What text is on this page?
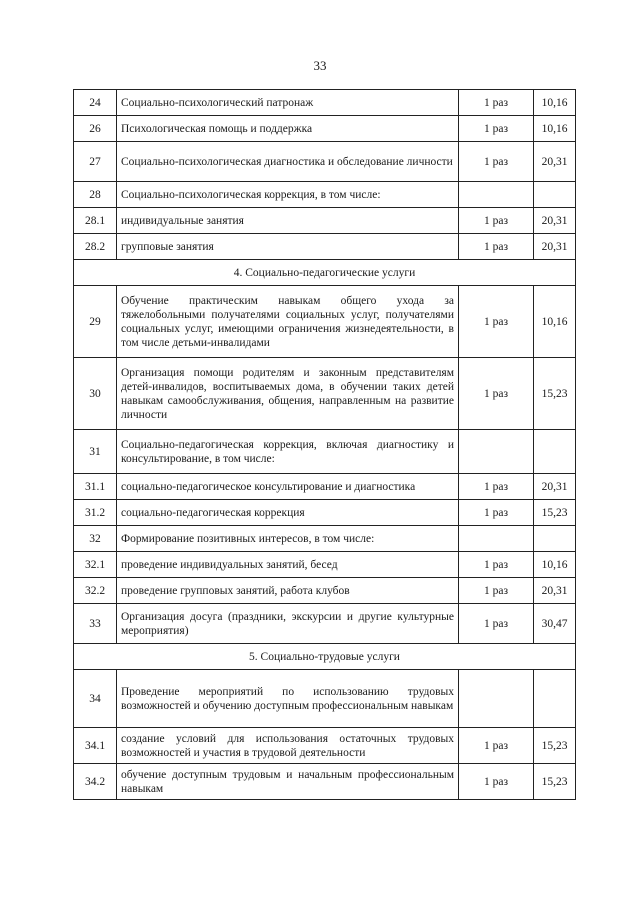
33
24	Социально-психологический патронаж	1 раз	10,16
26	Психологическая помощь и поддержка	1 раз	10,16
27	Социально-психологическая диагностика и обследование личности	1 раз	20,31
28	Социально-психологическая коррекция, в том числе:		
28.1	индивидуальные занятия	1 раз	20,31
28.2	групповые занятия	1 раз	20,31
4. Социально-педагогические услуги			
29	Обучение практическим навыкам общего ухода за тяжелобольными получателями социальных услуг, получателями социальных услуг, имеющими ограничения жизнедеятельности, в том числе детьми-инвалидами	1 раз	10,16
30	Организация помощи родителям и законным представителям детей-инвалидов, воспитываемых дома, в обучении таких детей навыкам самообслуживания, общения, направленным на развитие личности	1 раз	15,23
31	Социально-педагогическая коррекция, включая диагностику и консультирование, в том числе:		
31.1	социально-педагогическое консультирование и диагностика	1 раз	20,31
31.2	социально-педагогическая коррекция	1 раз	15,23
32	Формирование позитивных интересов, в том числе:		
32.1	проведение индивидуальных занятий, бесед	1 раз	10,16
32.2	проведение групповых занятий, работа клубов	1 раз	20,31
33	Организация досуга (праздники, экскурсии и другие культурные мероприятия)	1 раз	30,47
5. Социально-трудовые услуги			
34	Проведение мероприятий по использованию трудовых возможностей и обучению доступным профессиональным навыкам		
34.1	создание условий для использования остаточных трудовых возможностей и участия в трудовой деятельности	1 раз	15,23
34.2	обучение доступным трудовым и начальным профессиональным навыкам	1 раз	15,23
